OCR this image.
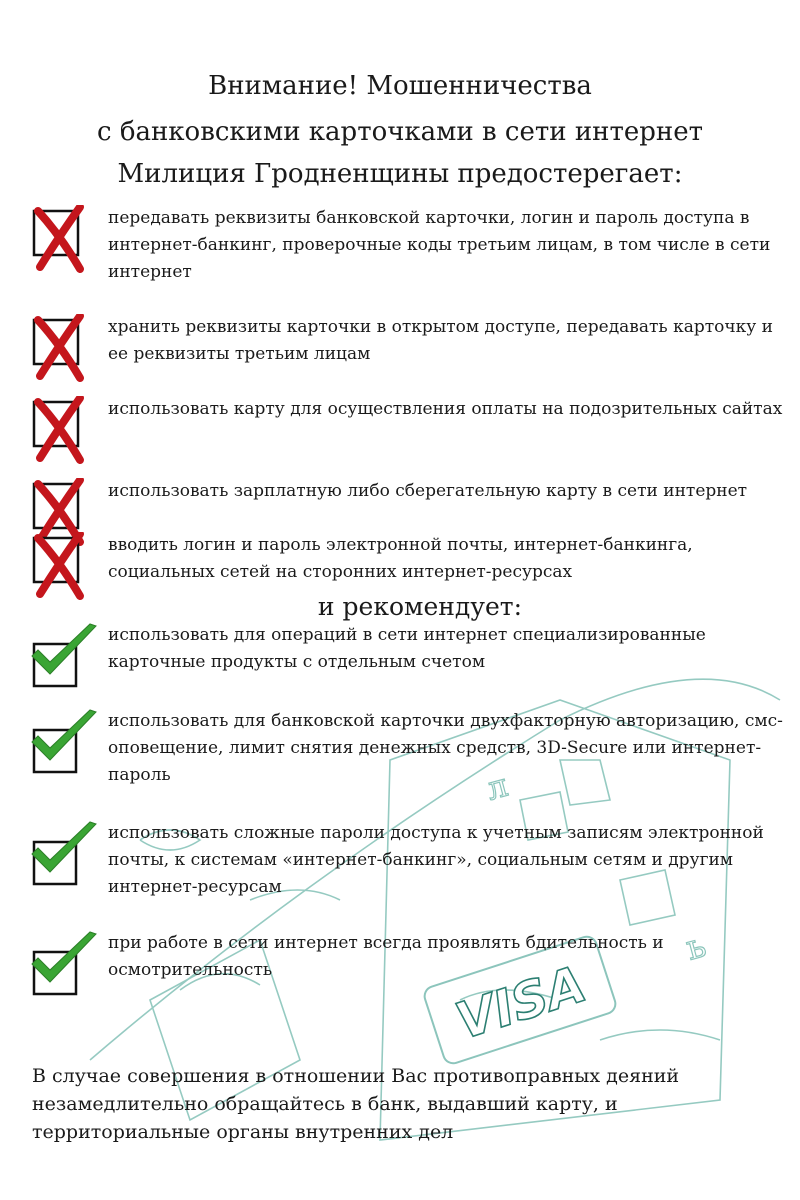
VISA
л
ь
Внимание! Мошенничества
с банковскими карточками в сети интернет
Милиция Гродненщины предостерегает:
передавать реквизиты банковской карточки, логин и пароль доступа в интернет-банкинг, проверочные коды третьим лицам, в том числе в сети интернет
хранить реквизиты карточки в открытом доступе, передавать карточку и ее реквизиты третьим лицам
использовать карту для осуществления оплаты на подозрительных сайтах
использовать зарплатную либо сберегательную карту в сети интернет
вводить логин и пароль электронной почты, интернет-банкинга, социальных сетей на сторонних интернет-ресурсах
и рекомендует:
использовать для операций в сети интернет специализированные карточные продукты с отдельным счетом
использовать для банковской карточки двухфакторную авторизацию, смс-оповещение, лимит снятия денежных средств, 3D-Secure или интернет-пароль
использовать сложные пароли доступа к учетным записям электронной почты, к системам «интернет-банкинг», социальным сетям и другим интернет-ресурсам
при работе в сети интернет всегда проявлять бдительность и осмотрительность
В случае совершения в отношении Вас противоправных деяний незамедлительно обращайтесь в банк, выдавший карту, и территориальные органы внутренних дел
